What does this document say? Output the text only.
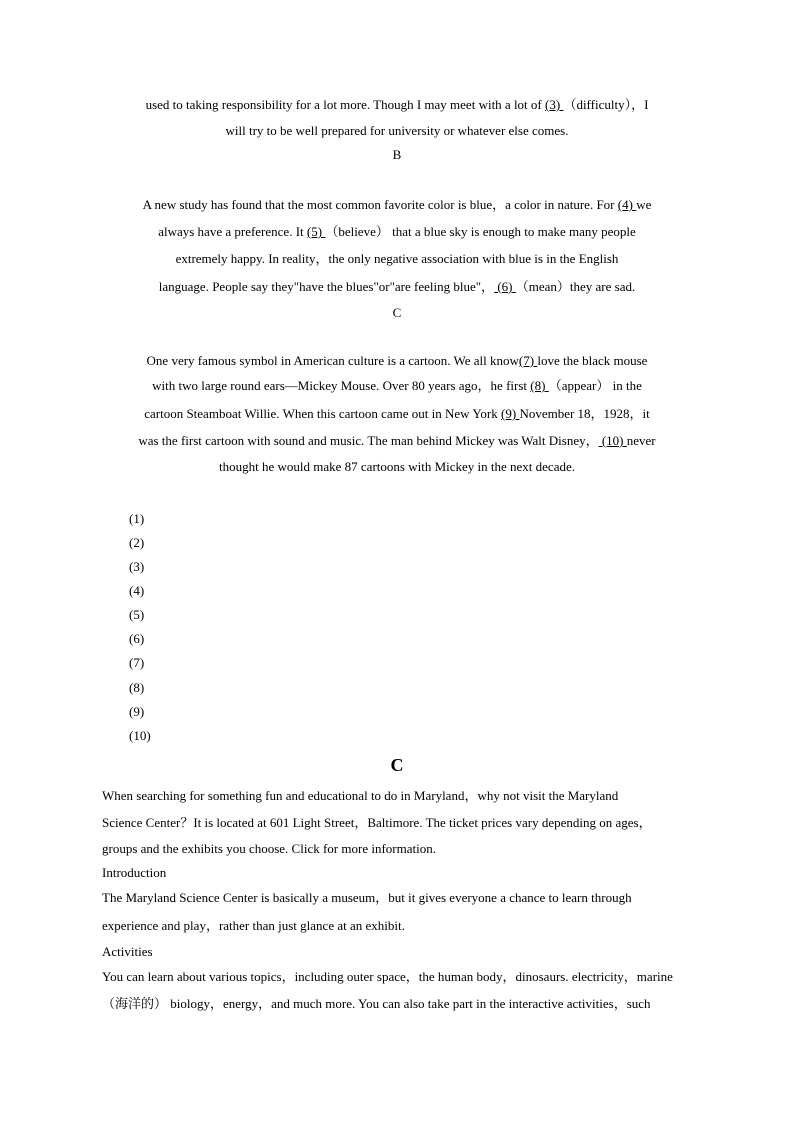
used to taking responsibility for a lot more. Though I may meet with a lot of (3) （difficulty），I
will try to be well prepared for university or whatever else comes.
B
A new study has found that the most common favorite color is blue，a color in nature. For (4) we
always have a preference. It (5) （believe） that a blue sky is enough to make many people
extremely happy. In reality，the only negative association with blue is in the English
language. People say they"have the blues"or"are feeling blue"， (6) （mean）they are sad.
C
One very famous symbol in American culture is a cartoon. We all know(7) love the black mouse
with two large round ears—Mickey Mouse. Over 80 years ago，he first (8) （appear） in the
cartoon Steamboat Willie. When this cartoon came out in New York (9) November 18，1928，it
was the first cartoon with sound and music. The man behind Mickey was Walt Disney， (10) never
thought he would make 87 cartoons with Mickey in the next decade.
(1)
(2)
(3)
(4)
(5)
(6)
(7)
(8)
(9)
(10)
C
When searching for something fun and educational to do in Maryland，why not visit the Maryland
Science Center？It is located at 601 Light Street，Baltimore. The ticket prices vary depending on ages，
groups and the exhibits you choose. Click for more information.
Introduction
The Maryland Science Center is basically a museum，but it gives everyone a chance to learn through
experience and play，rather than just glance at an exhibit.
Activities
You can learn about various topics，including outer space，the human body，dinosaurs. electricity，marine
（海洋的） biology，energy，and much more. You can also take part in the interactive activities，such
